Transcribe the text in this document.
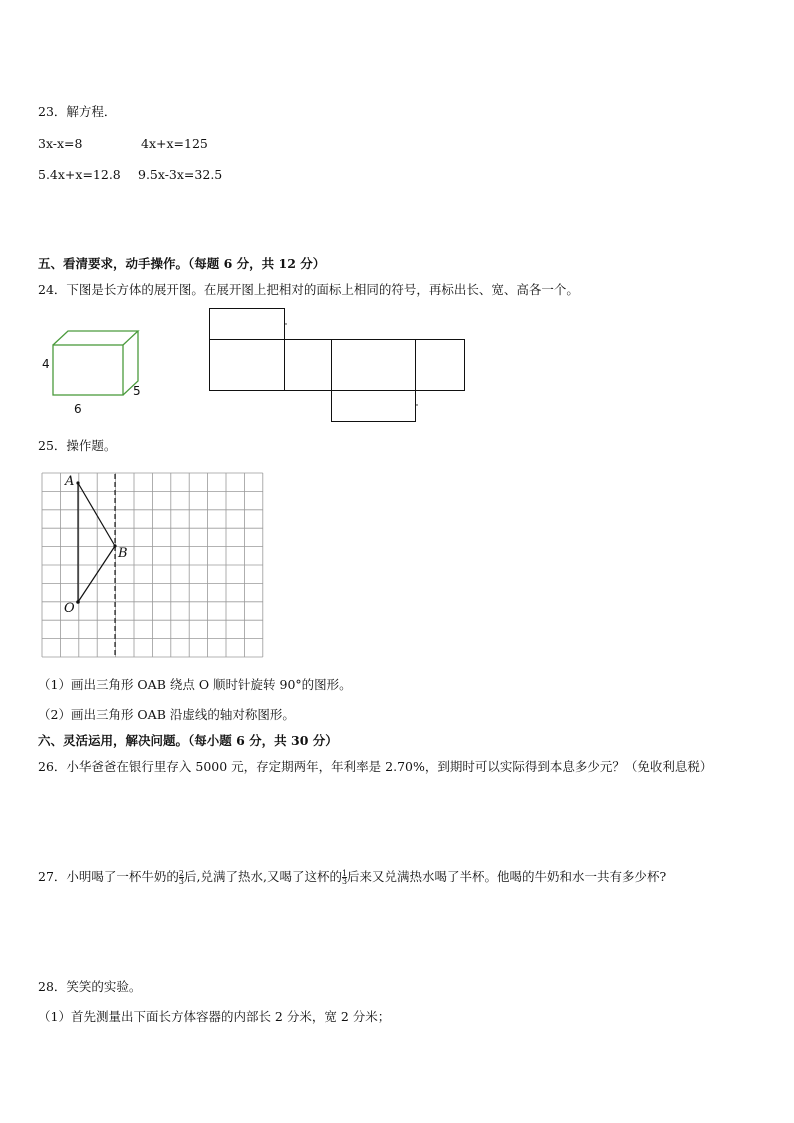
23．解方程．
3x-x=8	4x+x=125
5.4x+x=12.8 9.5x-3x=32.5
五、看清要求，动手操作。（每题 6 分，共 12 分）
24．下图是长方体的展开图。在展开图上把相对的面标上相同的符号，再标出长、宽、高各一个。
4
5
6
25．操作题。
A
B
O
（1）画出三角形 OAB 绕点 O 顺时针旋转 90°的图形。
（2）画出三角形 OAB 沿虚线的轴对称图形。
六、灵活运用，解决问题。（每小题 6 分，共 30 分）
26．小华爸爸在银行里存入 5000 元，存定期两年，年利率是 2.70%，到期时可以实际得到本息多少元？（免收利息税）
27．小明喝了一杯牛奶的 $\frac{2}{3}$ 后,兑满了热水,又喝了这杯的 $\frac{1}{3}$ 后来又兑满热水喝了半杯。他喝的牛奶和水一共有多少杯?
28．笑笑的实验。
（1）首先测量出下面长方体容器的内部长 2 分米，宽 2 分米；
